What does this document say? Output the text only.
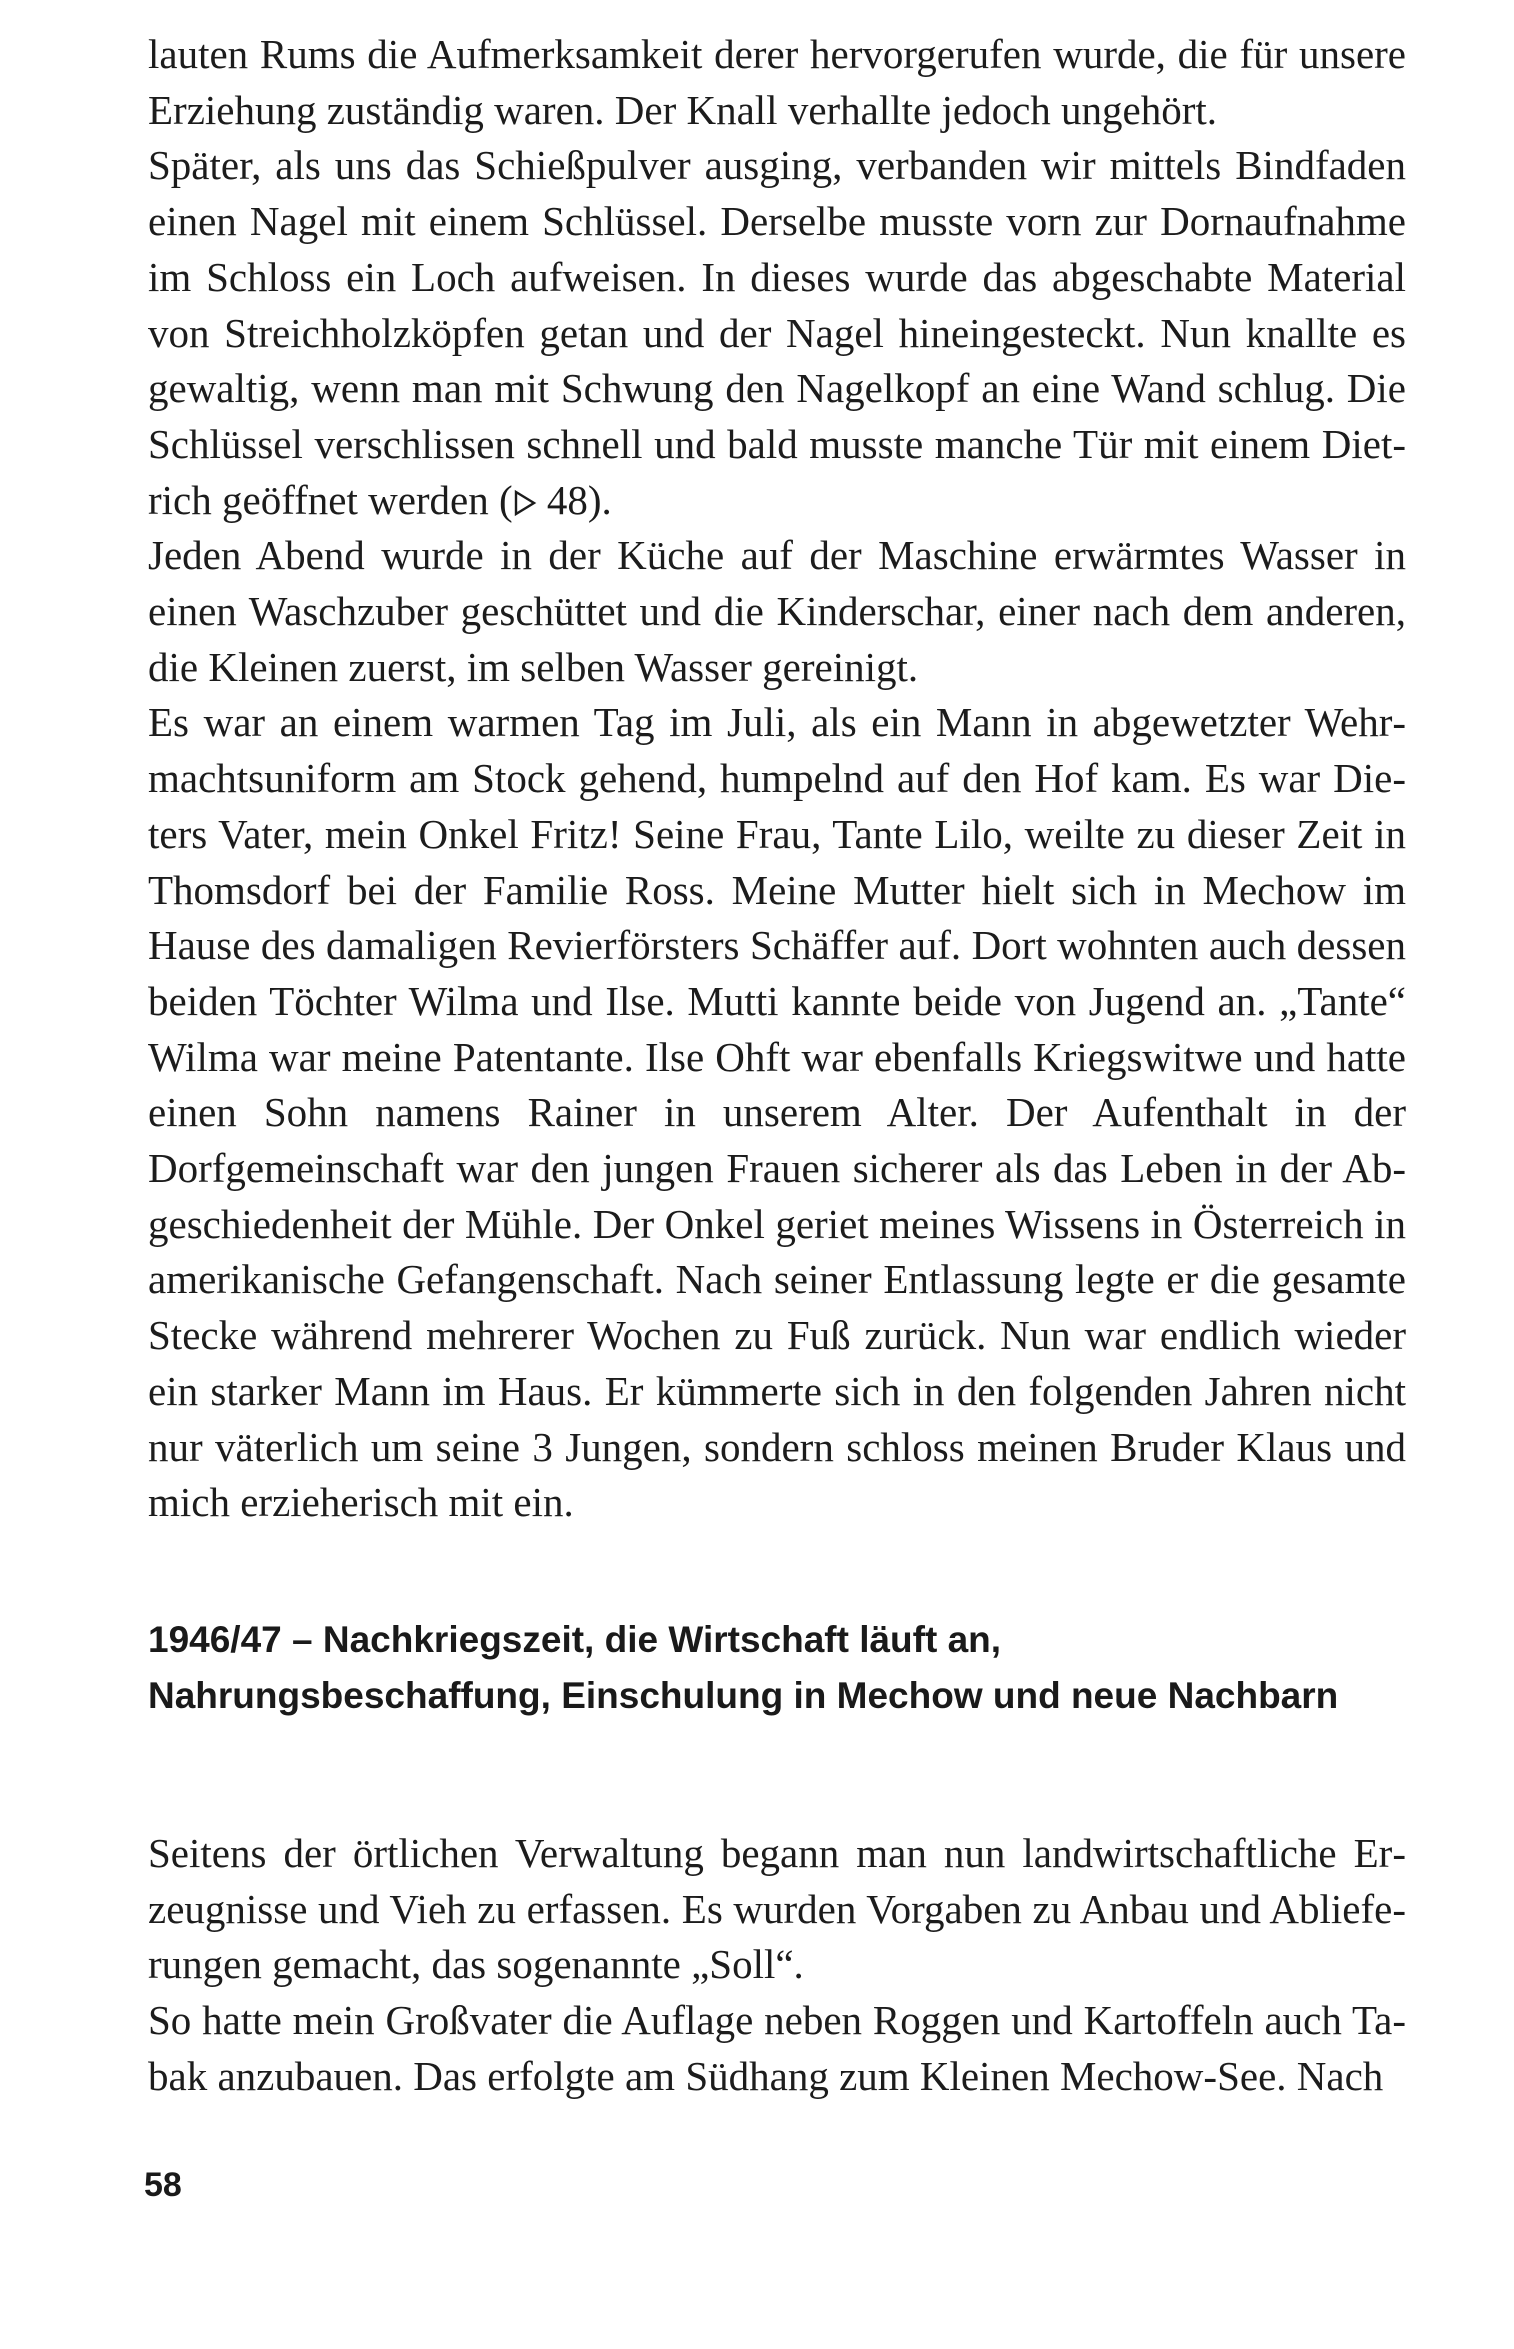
lauten Rums die Aufmerksamkeit derer hervorgerufen wurde, die für unsere Erziehung zuständig waren. Der Knall verhallte jedoch ungehört.

Später, als uns das Schießpulver ausging, verbanden wir mittels Bindfaden einen Nagel mit einem Schlüssel. Derselbe musste vorn zur Dornaufnahme im Schloss ein Loch aufweisen. In dieses wurde das abgeschabte Material von Streichholzköpfen getan und der Nagel hineingesteckt. Nun knallte es gewaltig, wenn man mit Schwung den Nagelkopf an eine Wand schlug. Die Schlüssel verschlissen schnell und bald musste manche Tür mit einem Dietrich geöffnet werden ( 48).

Jeden Abend wurde in der Küche auf der Maschine erwärmtes Wasser in einen Waschzuber geschüttet und die Kinderschar, einer nach dem anderen, die Kleinen zuerst, im selben Wasser gereinigt.

Es war an einem warmen Tag im Juli, als ein Mann in abgewetzter Wehrmachtsuniform am Stock gehend, humpelnd auf den Hof kam. Es war Dieters Vater, mein Onkel Fritz! Seine Frau, Tante Lilo, weilte zu dieser Zeit in Thomsdorf bei der Familie Ross. Meine Mutter hielt sich in Mechow im Hause des damaligen Revierförsters Schäffer auf. Dort wohnten auch dessen beiden Töchter Wilma und Ilse. Mutti kannte beide von Jugend an. „Tante“ Wilma war meine Patentante. Ilse Ohft war ebenfalls Kriegswitwe und hatte einen Sohn namens Rainer in unserem Alter. Der Aufenthalt in der Dorfgemeinschaft war den jungen Frauen sicherer als das Leben in der Abgeschiedenheit der Mühle. Der Onkel geriet meines Wissens in Österreich in amerikanische Gefangenschaft. Nach seiner Entlassung legte er die gesamte Stecke während mehrerer Wochen zu Fuß zurück. Nun war endlich wieder ein starker Mann im Haus. Er kümmerte sich in den folgenden Jahren nicht nur väterlich um seine 3 Jungen, sondern schloss meinen Bruder Klaus und mich erzieherisch mit ein.

1946/47 – Nachkriegszeit, die Wirtschaft läuft an, Nahrungsbeschaffung, Einschulung in Mechow und neue Nachbarn

Seitens der örtlichen Verwaltung begann man nun landwirtschaftliche Erzeugnisse und Vieh zu erfassen. Es wurden Vorgaben zu Anbau und Ablieferungen gemacht, das sogenannte „Soll“.

So hatte mein Großvater die Auflage neben Roggen und Kartoffeln auch Tabak anzubauen. Das erfolgte am Südhang zum Kleinen Mechow-See. Nach

58
